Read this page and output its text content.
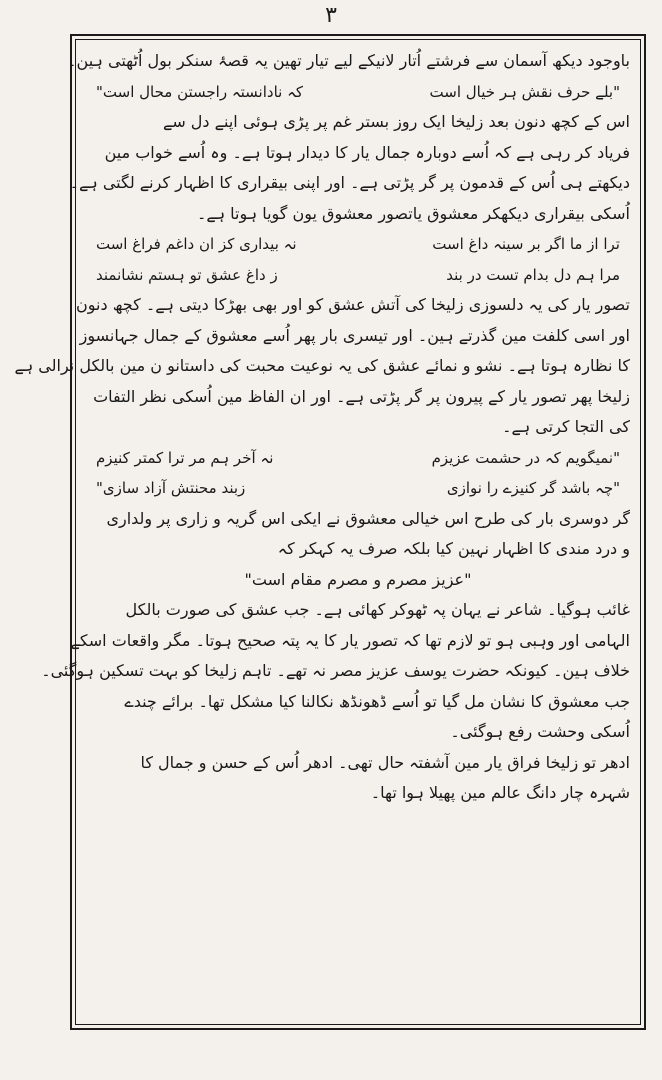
۳

باوجود دیکھ آسمان سے فرشتے اُتار لانیکے لیے تیار تھین یہ قصۂ سنکر بول اُٹھتی ہین۔

"بلے حرف نقش ہر خیال است
کہ نادانستہ راجستن محال است"

اس کے کچھ دنون بعد زلیخا ایک روز بستر غم پر پڑی ہوئی اپنے دل سے
فریاد کر رہی ہے کہ اُسے دوبارہ جمال یار کا دیدار ہوتا ہے۔ وہ اُسے خواب مین
دیکھتے ہی اُس کے قدمون پر گر پڑتی ہے۔ اور اپنی بیقراری کا اظہار کرنے لگتی ہے۔
اُسکی بیقراری دیکھکر معشوق یاتصور معشوق یون گویا ہوتا ہے۔

ترا از ما اگر بر سینہ داغ است
نہ بیداری کز ان داغم فراغ است
مرا ہم دل بدام تست در بند
ز داغ عشق تو ہستم نشانمند

تصور یار کی یہ دلسوزی زلیخا کی آتش عشق کو اور بھی بھڑکا دیتی ہے۔ کچھ دنون
اور اسی کلفت مین گذرتے ہین۔ اور تیسری بار پھر اُسے معشوق کے جمال جہانسوز
کا نظارہ ہوتا ہے۔ نشو و نمائے عشق کی یہ نوعیت محبت کی داستانو ن مین بالکل نرالی ہے
زلیخا پھر تصور یار کے پیرون پر گر پڑتی ہے۔ اور ان الفاظ مین اُسکی نظر التفات
کی التجا کرتی ہے۔

"نمیگویم کہ در حشمت عزیزم
نہ آخر ہم مر ترا کمتر کنیزم
"چہ باشد گر کنیزے را نوازی
زبند محنتش آزاد سازی"

گر دوسری بار کی طرح اس خیالی معشوق نے ایکی اس گریہ و زاری پر ولداری
و درد مندی کا اظہار نہین کیا بلکہ صرف یہ کہکر کہ

"عزیز مصرم و مصرم مقام است"

غائب ہوگیا۔ شاعر نے یہان پہ ٹھوکر کھائی ہے۔ جب عشق کی صورت بالکل
الہامی اور وہبی ہو تو لازم تھا کہ تصور یار کا یہ پتہ صحیح ہوتا۔ مگر واقعات اسکے
خلاف ہین۔ کیونکہ حضرت یوسف عزیز مصر نہ تھے۔ تاہم زلیخا کو بہت تسکین ہوگئی۔
جب معشوق کا نشان مل گیا تو اُسے ڈھونڈھ نکالنا کیا مشکل تھا۔ برائے چندے
اُسکی وحشت رفع ہوگئی۔

ادھر تو زلیخا فراق یار مین آشفتہ حال تھی۔ ادھر اُس کے حسن و جمال کا
شہرہ چار دانگ عالم مین پھیلا ہوا تھا۔
